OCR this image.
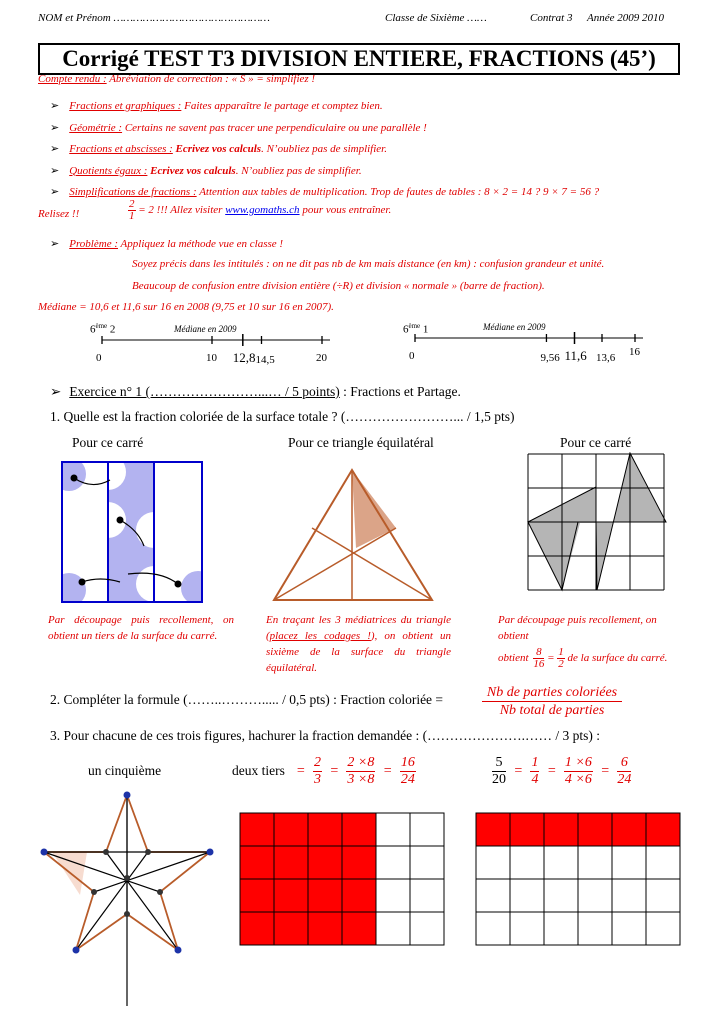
NOM et Prénom …………………………………………	Classe de Sixième ……	Contrat 3 Année 2009 2010
Corrigé TEST T3 DIVISION ENTIERE, FRACTIONS (45’)
Compte rendu : Abréviation de correction : « S » = simplifiez !
➢ Fractions et graphiques : Faites apparaître le partage et comptez bien.
➢ Géométrie : Certains ne savent pas tracer une perpendiculaire ou une parallèle !
➢ Fractions et abscisses : Ecrivez vos calculs. N’oubliez pas de simplifier.
➢ Quotients égaux : Ecrivez vos calculs. N’oubliez pas de simplifier.
➢ Simplifications de fractions : Attention aux tables de multiplication. Trop de fautes de tables : 8 × 2 = 14 ? 9 × 7 = 56 ?
Relisez !!	$\frac{2}{1} = 2$ !!! Allez visiter www.gomaths.ch pour vous entraîner.
➢ Problème : Appliquez la méthode vue en classe !
Soyez précis dans les intitulés : on ne dit pas nb de km mais distance (en km) : confusion grandeur et unité.
Beaucoup de confusion entre division entière (÷R) et division « normale » (barre de fraction).
Médiane = 10,6 et 11,6 sur 16 en 2008 (9,75 et 10 sur 16 en 2007).
6ème 2	Médiane en 2009
0	10	14,5	20
12,8
6ème 1	Médiane en 2009
0	9,56	13,6 16
11,6
➢ Exercice n° 1 (……………………...… / 5 points) : Fractions et Partage.
1. Quelle est la fraction coloriée de la surface totale ? (……………………... / 1,5 pts)
Pour ce carré	Pour ce triangle équilatéral	Pour ce carré
Par découpage puis recollement, on obtient un tiers de la surface du carré.
En traçant les 3 médiatrices du triangle (placez les codages !), on obtient un sixième de la surface du triangle équilatéral.
Par découpage puis recollement, on obtient
obtient $\frac{8}{16} = \frac{1}{2}$ de la surface du carré.
2. Compléter la formule (……..………..... / 0,5 pts) : Fraction coloriée =	Nb de parties coloriées
Nb total de parties
3. Pour chacune de ces trois figures, hachurer la fraction demandée : (………………….…… / 3 pts) :
un cinquième	deux tiers = $\frac{2}{3} = \frac{2 \times 8}{3 \times 8} = \frac{16}{24}$	$\frac{5}{20} = \frac{1}{4} = \frac{1 \times 6}{4 \times 6} = \frac{6}{24}$
